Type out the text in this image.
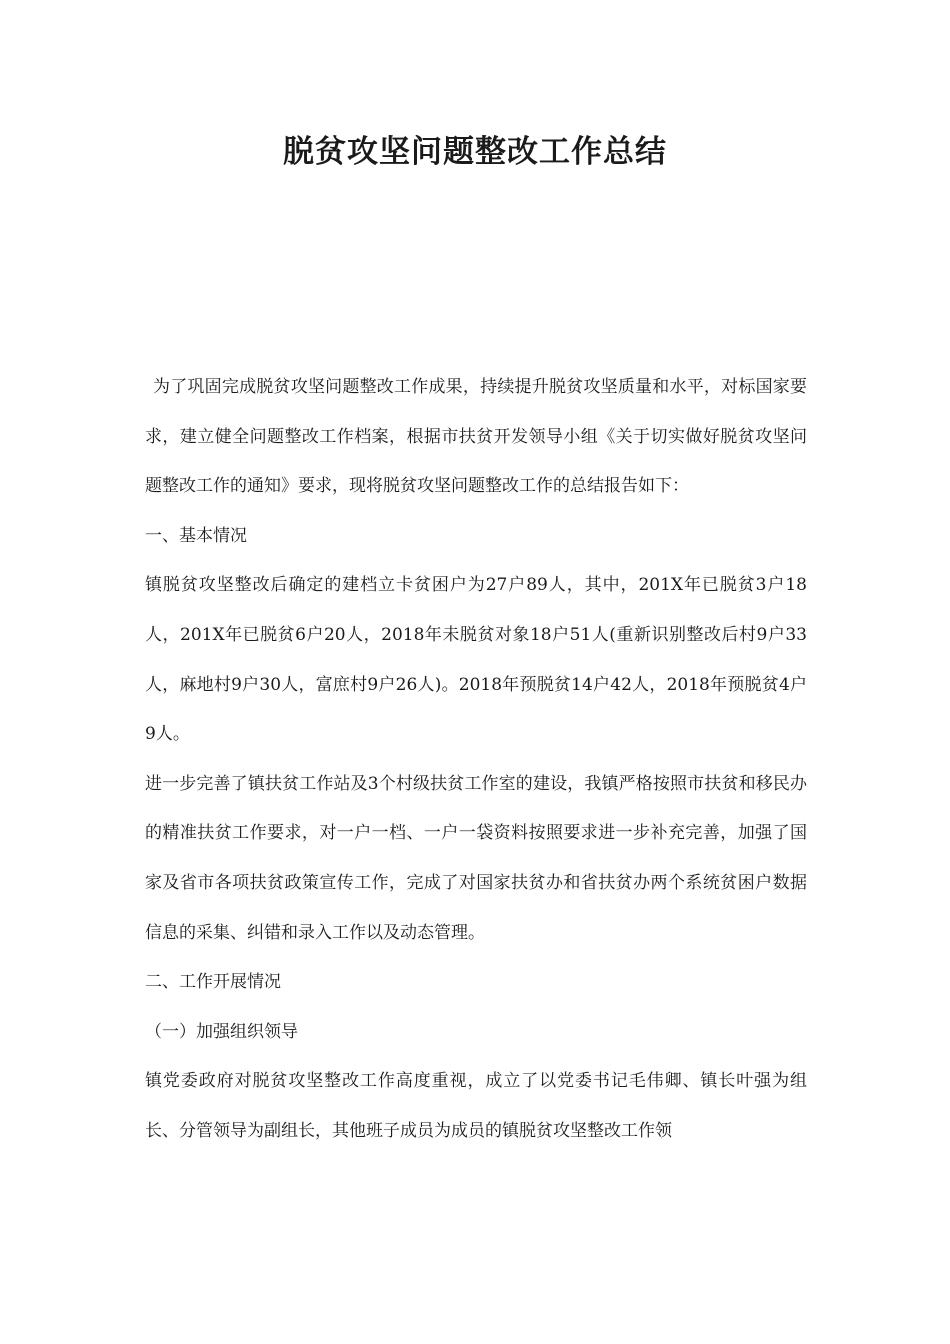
脱贫攻坚问题整改工作总结

为了巩固完成脱贫攻坚问题整改工作成果，持续提升脱贫攻坚质量和水平，对标国家要求，建立健全问题整改工作档案，根据市扶贫开发领导小组《关于切实做好脱贫攻坚问题整改工作的通知》要求，现将脱贫攻坚问题整改工作的总结报告如下：

一、基本情况

镇脱贫攻坚整改后确定的建档立卡贫困户为27户89人，其中，201X年已脱贫3户18人，201X年已脱贫6户20人，2018年未脱贫对象18户51人(重新识别整改后村9户33人，麻地村9户30人，富庶村9户26人)。2018年预脱贫14户42人，2018年预脱贫4户9人。

进一步完善了镇扶贫工作站及3个村级扶贫工作室的建设，我镇严格按照市扶贫和移民办的精准扶贫工作要求，对一户一档、一户一袋资料按照要求进一步补充完善，加强了国家及省市各项扶贫政策宣传工作，完成了对国家扶贫办和省扶贫办两个系统贫困户数据信息的采集、纠错和录入工作以及动态管理。

二、工作开展情况

（一）加强组织领导

镇党委政府对脱贫攻坚整改工作高度重视，成立了以党委书记毛伟卿、镇长叶强为组长、分管领导为副组长，其他班子成员为成员的镇脱贫攻坚整改工作领
